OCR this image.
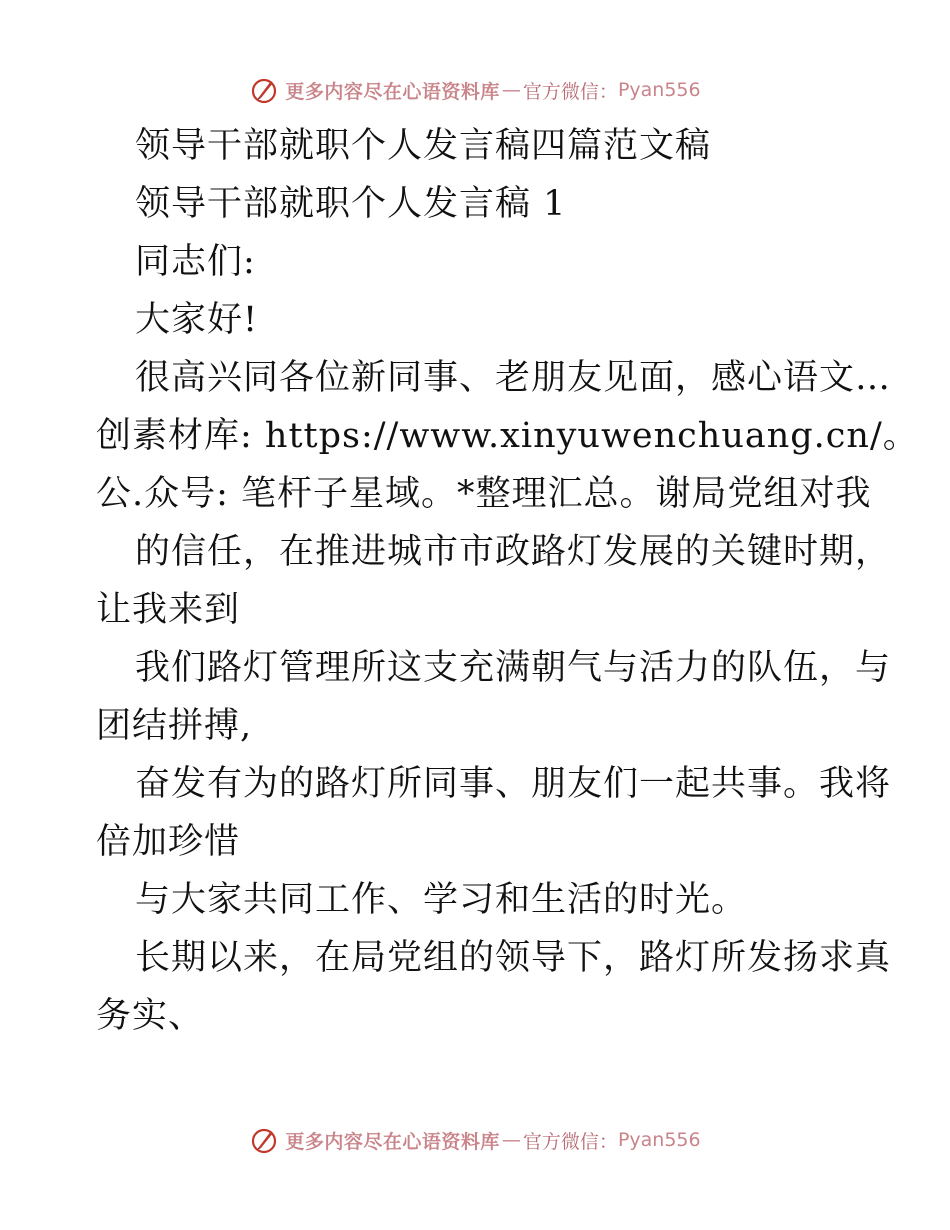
更多内容尽在心语资料库 — 官方微信： Pyan556
领导干部就职个人发言稿四篇范文稿
领导干部就职个人发言稿 1
同志们:
大家好!
很高兴同各位新同事、老朋友见面，感心语文…
创素材库: https://www.xinyuwenchuang.cn/。
公.众号: 笔杆子星域。*整理汇总。谢局党组对我
的信任，在推进城市市政路灯发展的关键时期，
让我来到
我们路灯管理所这支充满朝气与活力的队伍，与
团结拼搏,
奋发有为的路灯所同事、朋友们一起共事。我将
倍加珍惜
与大家共同工作、学习和生活的时光。
长期以来，在局党组的领导下，路灯所发扬求真
务实、
更多内容尽在心语资料库 — 官方微信： Pyan556
